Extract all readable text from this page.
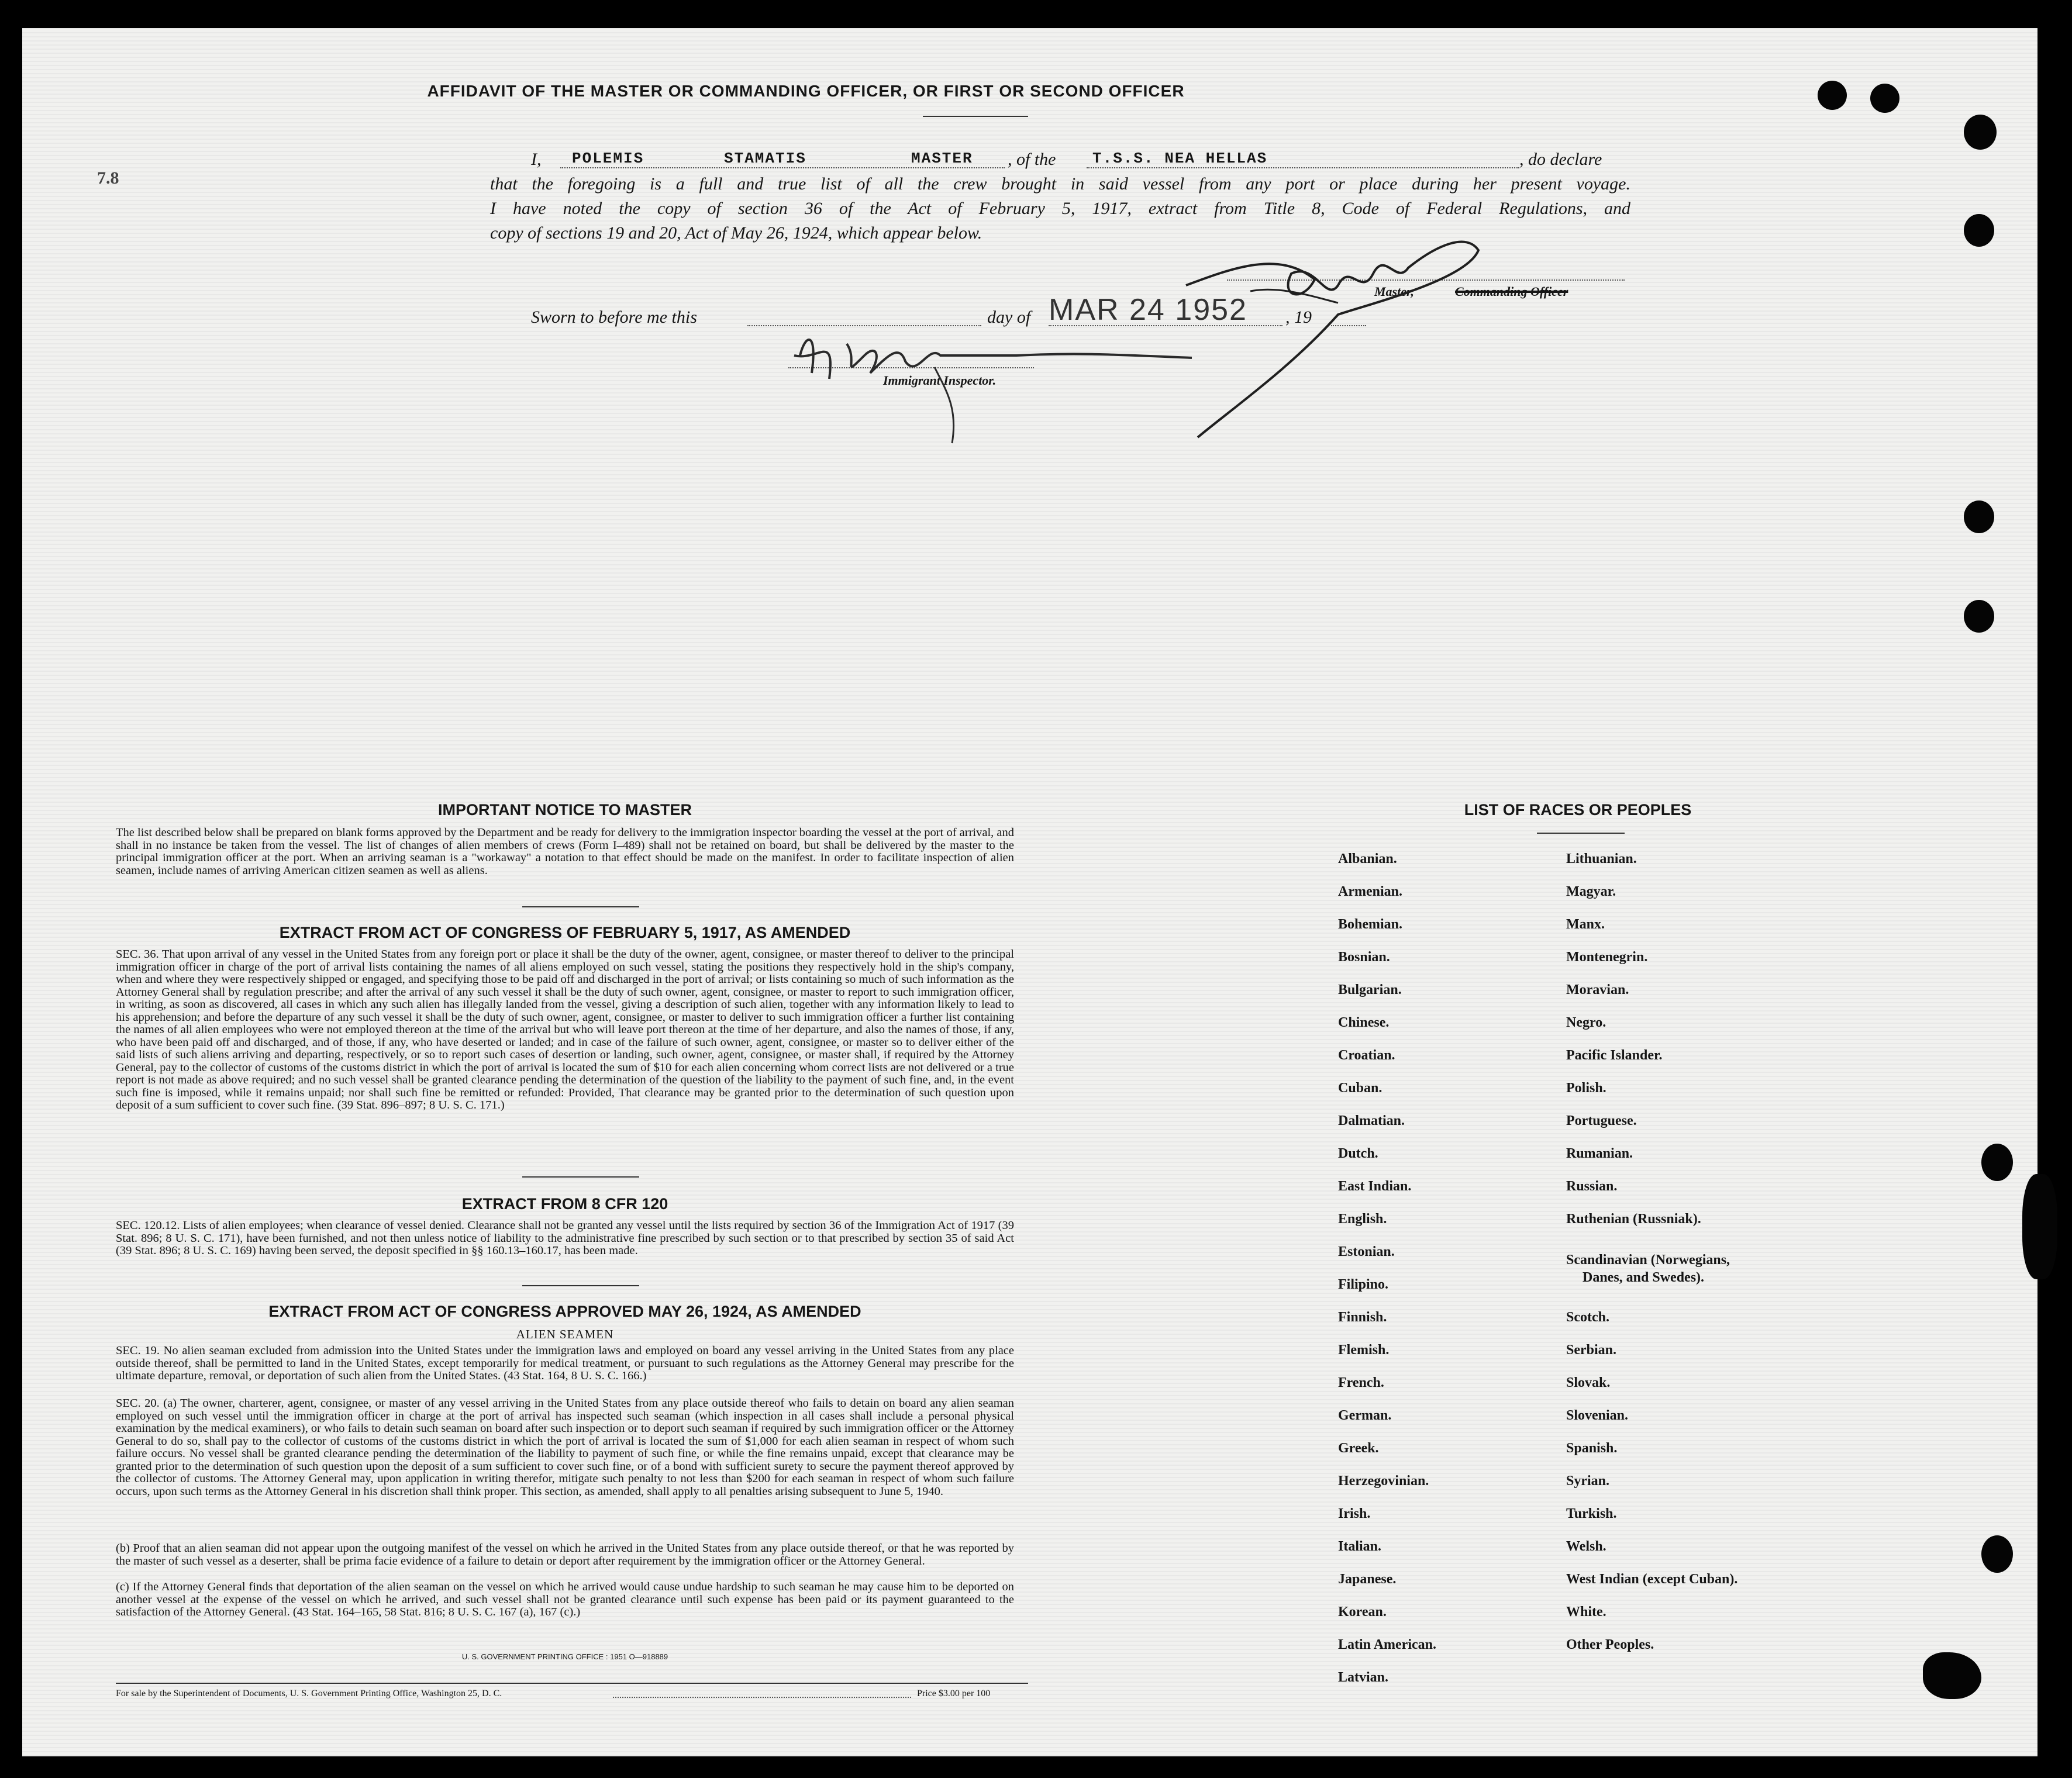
7.8
AFFIDAVIT OF THE MASTER OR COMMANDING OFFICER, OR FIRST OR SECOND OFFICER
I, POLEMIS	STAMATIS	MASTER , of the T.S.S. NEA HELLAS	, do declare
that the foregoing is a full and true list of all the crew brought in said vessel from any port or place during her present voyage.
I have noted the copy of section 36 of the Act of February 5, 1917, extract from Title 8, Code of Federal Regulations, and
copy of sections 19 and 20, Act of May 26, 1924, which appear below.
Sworn to before me this	day of MAR 24 1952 , 19
Master,	Commanding Officer
Immigrant Inspector.
IMPORTANT NOTICE TO MASTER
The list described below shall be prepared on blank forms approved by the Department and be ready for delivery to the immigration inspector boarding the vessel at the port of arrival, and shall in no instance be taken from the vessel. The list of changes of alien members of crews (Form I–489) shall not be retained on board, but shall be delivered by the master to the principal immigration officer at the port. When an arriving seaman is a "workaway" a notation to that effect should be made on the manifest. In order to facilitate inspection of alien seamen, include names of arriving American citizen seamen as well as aliens.
EXTRACT FROM ACT OF CONGRESS OF FEBRUARY 5, 1917, AS AMENDED
SEC. 36. That upon arrival of any vessel in the United States from any foreign port or place it shall be the duty of the owner, agent, consignee, or master thereof to deliver to the principal immigration officer in charge of the port of arrival lists containing the names of all aliens employed on such vessel, stating the positions they respectively hold in the ship's company, when and where they were respectively shipped or engaged, and specifying those to be paid off and discharged in the port of arrival; or lists containing so much of such information as the Attorney General shall by regulation prescribe; and after the arrival of any such vessel it shall be the duty of such owner, agent, consignee, or master to report to such immigration officer, in writing, as soon as discovered, all cases in which any such alien has illegally landed from the vessel, giving a description of such alien, together with any information likely to lead to his apprehension; and before the departure of any such vessel it shall be the duty of such owner, agent, consignee, or master to deliver to such immigration officer a further list containing the names of all alien employees who were not employed thereon at the time of the arrival but who will leave port thereon at the time of her departure, and also the names of those, if any, who have been paid off and discharged, and of those, if any, who have deserted or landed; and in case of the failure of such owner, agent, consignee, or master so to deliver either of the said lists of such aliens arriving and departing, respectively, or so to report such cases of desertion or landing, such owner, agent, consignee, or master shall, if required by the Attorney General, pay to the collector of customs of the customs district in which the port of arrival is located the sum of $10 for each alien concerning whom correct lists are not delivered or a true report is not made as above required; and no such vessel shall be granted clearance pending the determination of the question of the liability to the payment of such fine, and, in the event such fine is imposed, while it remains unpaid; nor shall such fine be remitted or refunded: Provided, That clearance may be granted prior to the determination of such question upon deposit of a sum sufficient to cover such fine. (39 Stat. 896–897; 8 U. S. C. 171.)
EXTRACT FROM 8 CFR 120
SEC. 120.12. Lists of alien employees; when clearance of vessel denied. Clearance shall not be granted any vessel until the lists required by section 36 of the Immigration Act of 1917 (39 Stat. 896; 8 U. S. C. 171), have been furnished, and not then unless notice of liability to the administrative fine prescribed by such section or to that prescribed by section 35 of said Act (39 Stat. 896; 8 U. S. C. 169) having been served, the deposit specified in §§ 160.13–160.17, has been made.
EXTRACT FROM ACT OF CONGRESS APPROVED MAY 26, 1924, AS AMENDED
ALIEN SEAMEN
SEC. 19. No alien seaman excluded from admission into the United States under the immigration laws and employed on board any vessel arriving in the United States from any place outside thereof, shall be permitted to land in the United States, except temporarily for medical treatment, or pursuant to such regulations as the Attorney General may prescribe for the ultimate departure, removal, or deportation of such alien from the United States. (43 Stat. 164, 8 U. S. C. 166.)
SEC. 20. (a) The owner, charterer, agent, consignee, or master of any vessel arriving in the United States from any place outside thereof who fails to detain on board any alien seaman employed on such vessel until the immigration officer in charge at the port of arrival has inspected such seaman (which inspection in all cases shall include a personal physical examination by the medical examiners), or who fails to detain such seaman on board after such inspection or to deport such seaman if required by such immigration officer or the Attorney General to do so, shall pay to the collector of customs of the customs district in which the port of arrival is located the sum of $1,000 for each alien seaman in respect of whom such failure occurs. No vessel shall be granted clearance pending the determination of the liability to payment of such fine, or while the fine remains unpaid, except that clearance may be granted prior to the determination of such question upon the deposit of a sum sufficient to cover such fine, or of a bond with sufficient surety to secure the payment thereof approved by the collector of customs. The Attorney General may, upon application in writing therefor, mitigate such penalty to not less than $200 for each seaman in respect of whom such failure occurs, upon such terms as the Attorney General in his discretion shall think proper. This section, as amended, shall apply to all penalties arising subsequent to June 5, 1940.
(b) Proof that an alien seaman did not appear upon the outgoing manifest of the vessel on which he arrived in the United States from any place outside thereof, or that he was reported by the master of such vessel as a deserter, shall be prima facie evidence of a failure to detain or deport after requirement by the immigration officer or the Attorney General.
(c) If the Attorney General finds that deportation of the alien seaman on the vessel on which he arrived would cause undue hardship to such seaman he may cause him to be deported on another vessel at the expense of the vessel on which he arrived, and such vessel shall not be granted clearance until such expense has been paid or its payment guaranteed to the satisfaction of the Attorney General. (43 Stat. 164–165, 58 Stat. 816; 8 U. S. C. 167 (a), 167 (c).)
U. S. GOVERNMENT PRINTING OFFICE : 1951 O—918889
For sale by the Superintendent of Documents, U. S. Government Printing Office, Washington 25, D. C.	Price $3.00 per 100
LIST OF RACES OR PEOPLES
Albanian.
Armenian.
Bohemian.
Bosnian.
Bulgarian.
Chinese.
Croatian.
Cuban.
Dalmatian.
Dutch.
East Indian.
English.
Estonian.
Filipino.
Finnish.
Flemish.
French.
German.
Greek.
Herzegovinian.
Irish.
Italian.
Japanese.
Korean.
Latin American.
Latvian.
Lithuanian.
Magyar.
Manx.
Montenegrin.
Moravian.
Negro.
Pacific Islander.
Polish.
Portuguese.
Rumanian.
Russian.
Ruthenian (Russniak).
Scandinavian (Norwegians,
Danes, and Swedes).
Scotch.
Serbian.
Slovak.
Slovenian.
Spanish.
Syrian.
Turkish.
Welsh.
West Indian (except Cuban).
White.
Other Peoples.
